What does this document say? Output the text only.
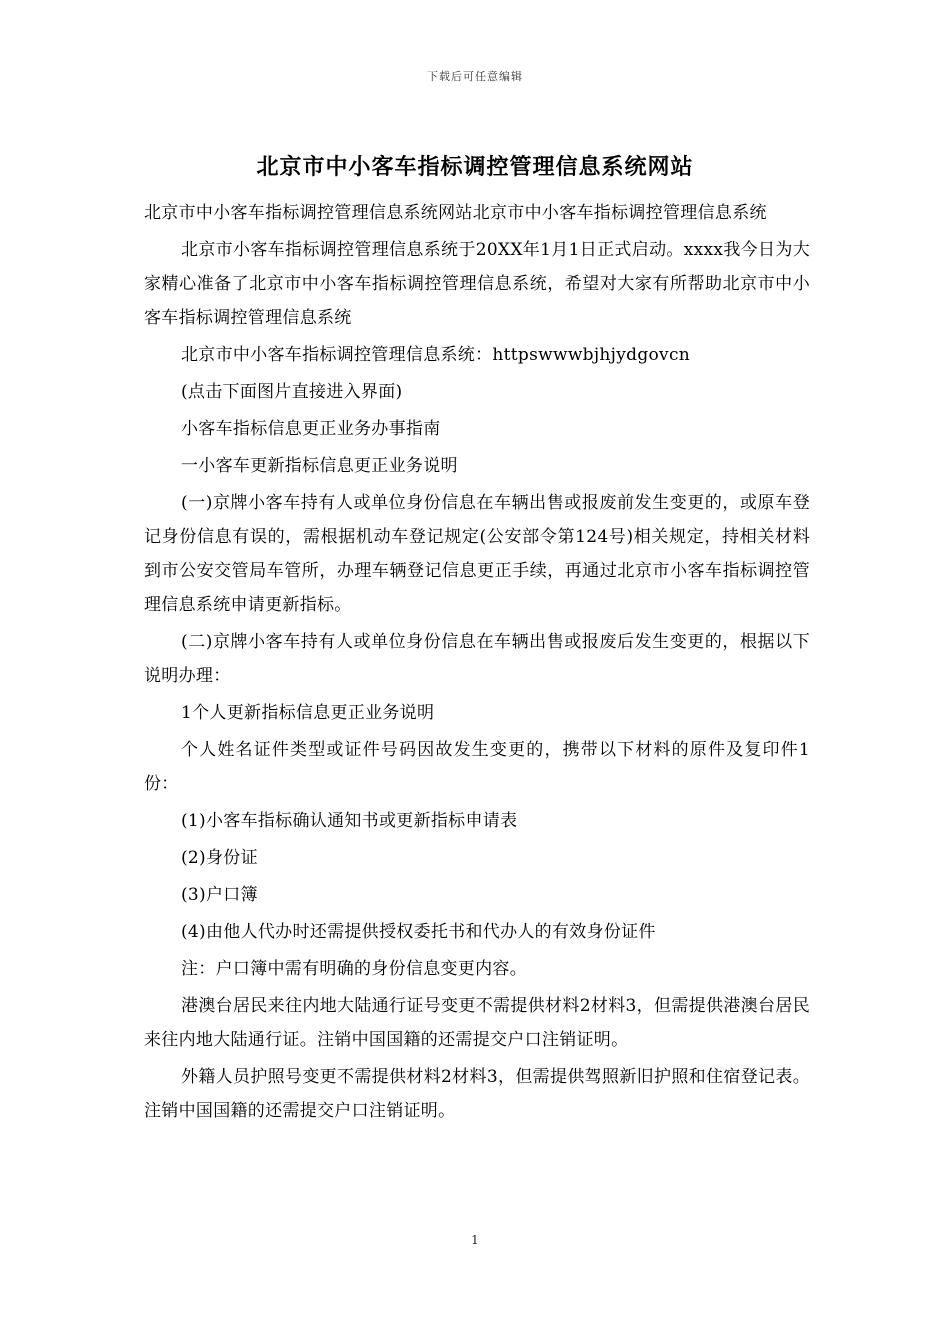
下载后可任意编辑
北京市中小客车指标调控管理信息系统网站

北京市中小客车指标调控管理信息系统网站北京市中小客车指标调控管理信息系统

北京市小客车指标调控管理信息系统于20XX年1月1日正式启动。xxxx我今日为大家精心准备了北京市中小客车指标调控管理信息系统，希望对大家有所帮助北京市中小客车指标调控管理信息系统

北京市中小客车指标调控管理信息系统：httpswwwbjhjydgovcn

(点击下面图片直接进入界面)

小客车指标信息更正业务办事指南

一小客车更新指标信息更正业务说明

(一)京牌小客车持有人或单位身份信息在车辆出售或报废前发生变更的，或原车登记身份信息有误的，需根据机动车登记规定(公安部令第124号)相关规定，持相关材料到市公安交管局车管所，办理车辆登记信息更正手续，再通过北京市小客车指标调控管理信息系统申请更新指标。

(二)京牌小客车持有人或单位身份信息在车辆出售或报废后发生变更的，根据以下说明办理：

1个人更新指标信息更正业务说明

个人姓名证件类型或证件号码因故发生变更的，携带以下材料的原件及复印件1份：

(1)小客车指标确认通知书或更新指标申请表

(2)身份证

(3)户口簿

(4)由他人代办时还需提供授权委托书和代办人的有效身份证件

注：户口簿中需有明确的身份信息变更内容。

港澳台居民来往内地大陆通行证号变更不需提供材料2材料3，但需提供港澳台居民来往内地大陆通行证。注销中国国籍的还需提交户口注销证明。

外籍人员护照号变更不需提供材料2材料3，但需提供驾照新旧护照和住宿登记表。注销中国国籍的还需提交户口注销证明。

1
